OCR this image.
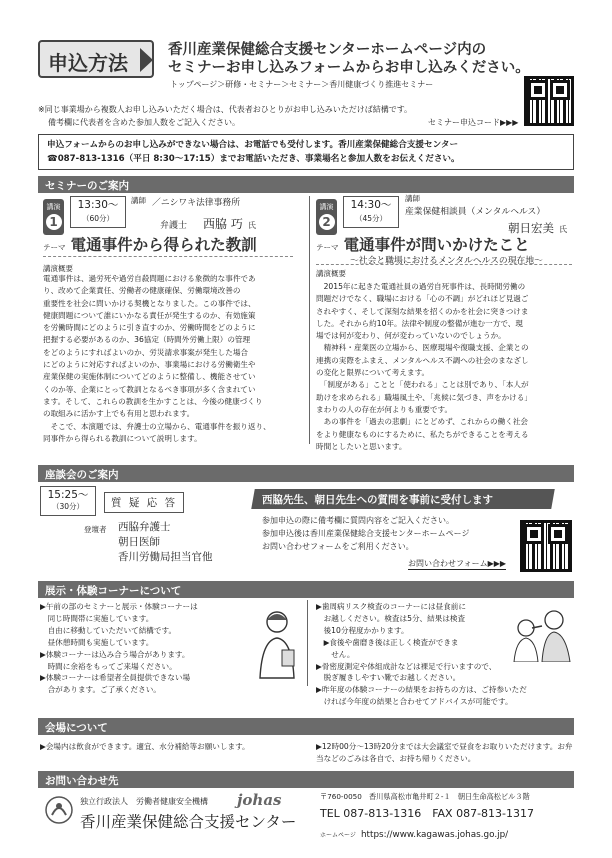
申込方法
香川産業保健総合支援センターホームページ内の
セミナーお申し込みフォームからお申し込みください。
トップページ＞研修・セミナー＞セミナー＞香川健康づくり推進セミナー
※同じ事業場から複数人お申し込みいただく場合は、代表者おひとりがお申し込みいただけば結構です。
備考欄に代表者を含めた参加人数をご記入ください。	セミナー申込コード▶▶▶
申込フォームからのお申し込みができない場合は、お電話でも受付します。香川産業保健総合支援センター
☎087-813-1316（平日 8:30〜17:15）までお電話いただき、事業場名と参加人数をお伝えください。
セミナーのご案内
講演
1
13:30〜
（60分）
講師 ／ニシワキ法律事務所
弁護士　 西脇 巧 氏
テーマ 電通事件から得られた教訓
講演概要
電通事件は、過労死や過労自殺問題における象徴的な事件であ
り、改めて企業責任、労働者の健康確保、労働環境改善の
重要性を社会に問いかける契機となりました。この事件では、
健康問題について誰にいかなる責任が発生するのか、有効施策
を労働時間にどのように引き直すのか、労働時間をどのように
把握する必要があるのか、36協定（時間外労働上限）の管理
をどのようにすればよいのか、労災請求事案が発生した場合
にどのように対応すればよいのか、事業場における労働衛生や
産業保健の実施体制についてどのように整備し、機能させてい
くのか等、企業にとって教訓となるべき事項が多く含まれてい
ます。そして、これらの教訓を生かすことは、今後の健康づくり
の取組みに活かす上でも有用と思われます。
　そこで、本演題では、弁護士の立場から、電通事件を振り返り、
同事件から得られる教訓について説明します。
講演
2
14:30〜
（45分）
講師
産業保健相談員（メンタルヘルス）
朝日宏美 氏
テーマ 電通事件が問いかけたこと
〜社会と職場におけるメンタルヘルスの現在地〜
講演概要
　2015年に起きた電通社員の過労自死事件は、長時間労働の
問題だけでなく、職場における「心の不調」がどれほど見過ご
されやすく、そして深刻な結果を招くのかを社会に突きつけま
した。それから約10年。法律や制度の整備が進む一方で、現
場では何が変わり、何が変わっていないのでしょうか。
　精神科・産業医の立場から、医療現場や復職支援、企業との
連携の実際をふまえ、メンタルヘルス不調への社会のまなざし
の変化と限界について考えます。
　「制度がある」ことと「使われる」ことは別であり、「本人が
助けを求められる」職場風土や、「兆候に気づき、声をかける」
まわりの人の存在が何よりも重要です。
　あの事件を「過去の悲劇」にとどめず、これからの働く社会
をより健康なものにするために、私たちができることを考える
時間としたいと思います。
座談会のご案内
15:25〜
（30分）	質 疑 応 答
登壇者 西脇弁護士
朝日医師
香川労働局担当官他
西脇先生、朝日先生への質問を事前に受付します
参加申込の際に備考欄に質問内容をご記入ください。
参加申込後は香川産業保健総合支援センターホームページ
お問い合わせフォームをご利用ください。
お問い合わせフォーム▶▶▶
展示・体験コーナーについて
▶午前の部のセミナーと展示・体験コーナーは
　同じ時間帯に実施しています。
　自由に移動していただいて結構です。
　昼休憩時間も実施しています。
▶体験コーナーは込み合う場合があります。
　時間に余裕をもってご来場ください。
▶体験コーナーは希望者全員提供できない場
　合があります。ご了承ください。
▶歯周病リスク検査のコーナーには昼食前に
　お越しください。検査は5分、結果は検査
　後10分程度かかります。
　▶食後や歯磨き後は正しく検査ができま
　　せん。
▶骨密度測定や体組成計などは裸足で行いますので、
　脱ぎ履きしやすい靴でお越しください。
▶昨年度の体験コーナーの結果をお持ちの方は、ご持参いただ
　ければ今年度の結果と合わせてアドバイスが可能です。
会場について
▶会場内は飲食ができます。適宜、水分補給等お願いします。	▶12時00分〜13時20分までは大会議室で昼食をお取りいただけます。お弁当などのごみは各自で、お持ち帰りください。
お問い合わせ先
独立行政法人　 労働者健康安全機構 johas
香川産業保健総合支援センター
〒760-0050　香川県高松市亀井町２-１　朝日生命高松ビル３階
TEL 087-813-1316　 FAX 087-813-1317
ホームページ https://www.kagawas.johas.go.jp/
